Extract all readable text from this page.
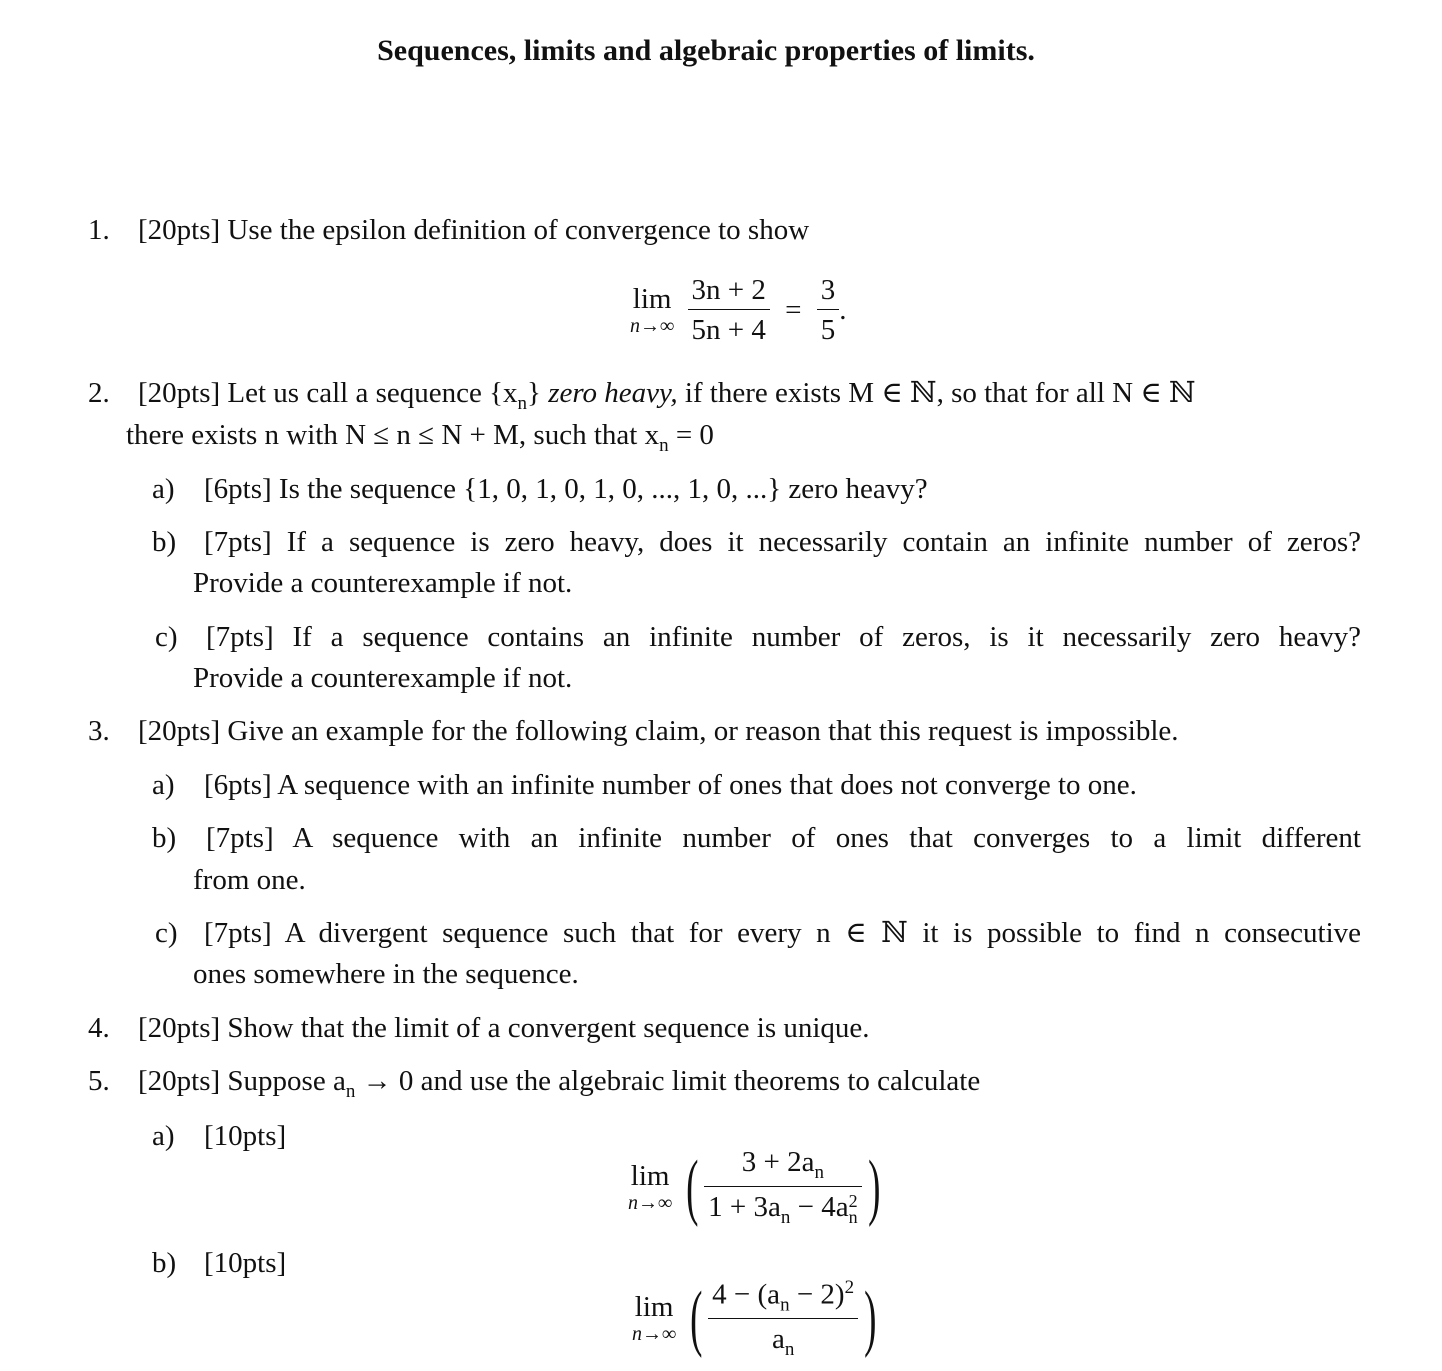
Sequences, limits and algebraic properties of limits.
1. [20pts] Use the epsilon definition of convergence to show
lim
n→∞
$\frac{3n + 2}{5n + 4} = \frac{3}{5}$ .
2. [20pts] Let us call a sequence $\{x_n\}$ zero heavy, if there exists M ∈ ℕ, so that for all N ∈ ℕ
there exists n with N ≤ n ≤ N + M, such that $x_n = 0$
a) [6pts] Is the sequence {1, 0, 1, 0, 1, 0, ..., 1, 0, ...} zero heavy?
b) [7pts] If a sequence is zero heavy, does it necessarily contain an infinite number of zeros?
Provide a counterexample if not.
c) [7pts] If a sequence contains an infinite number of zeros, is it necessarily zero heavy?
Provide a counterexample if not.
3. [20pts] Give an example for the following claim, or reason that this request is impossible.
a) [6pts] A sequence with an infinite number of ones that does not converge to one.
b) [7pts] A sequence with an infinite number of ones that converges to a limit different
from one.
c) [7pts] A divergent sequence such that for every n ∈ ℕ it is possible to find n consecutive
ones somewhere in the sequence.
4. [20pts] Show that the limit of a convergent sequence is unique.
5. [20pts] Suppose $a_n \to 0$ and use the algebraic limit theorems to calculate
a) [10pts]
lim
n→∞ ( $3 + 2a_n$
$1 + 3a_n - 4a$ 2
n )
b) [10pts]
lim
n→∞ ( $\frac{4 - (a_n - 2)^2}{a_n}$ )
